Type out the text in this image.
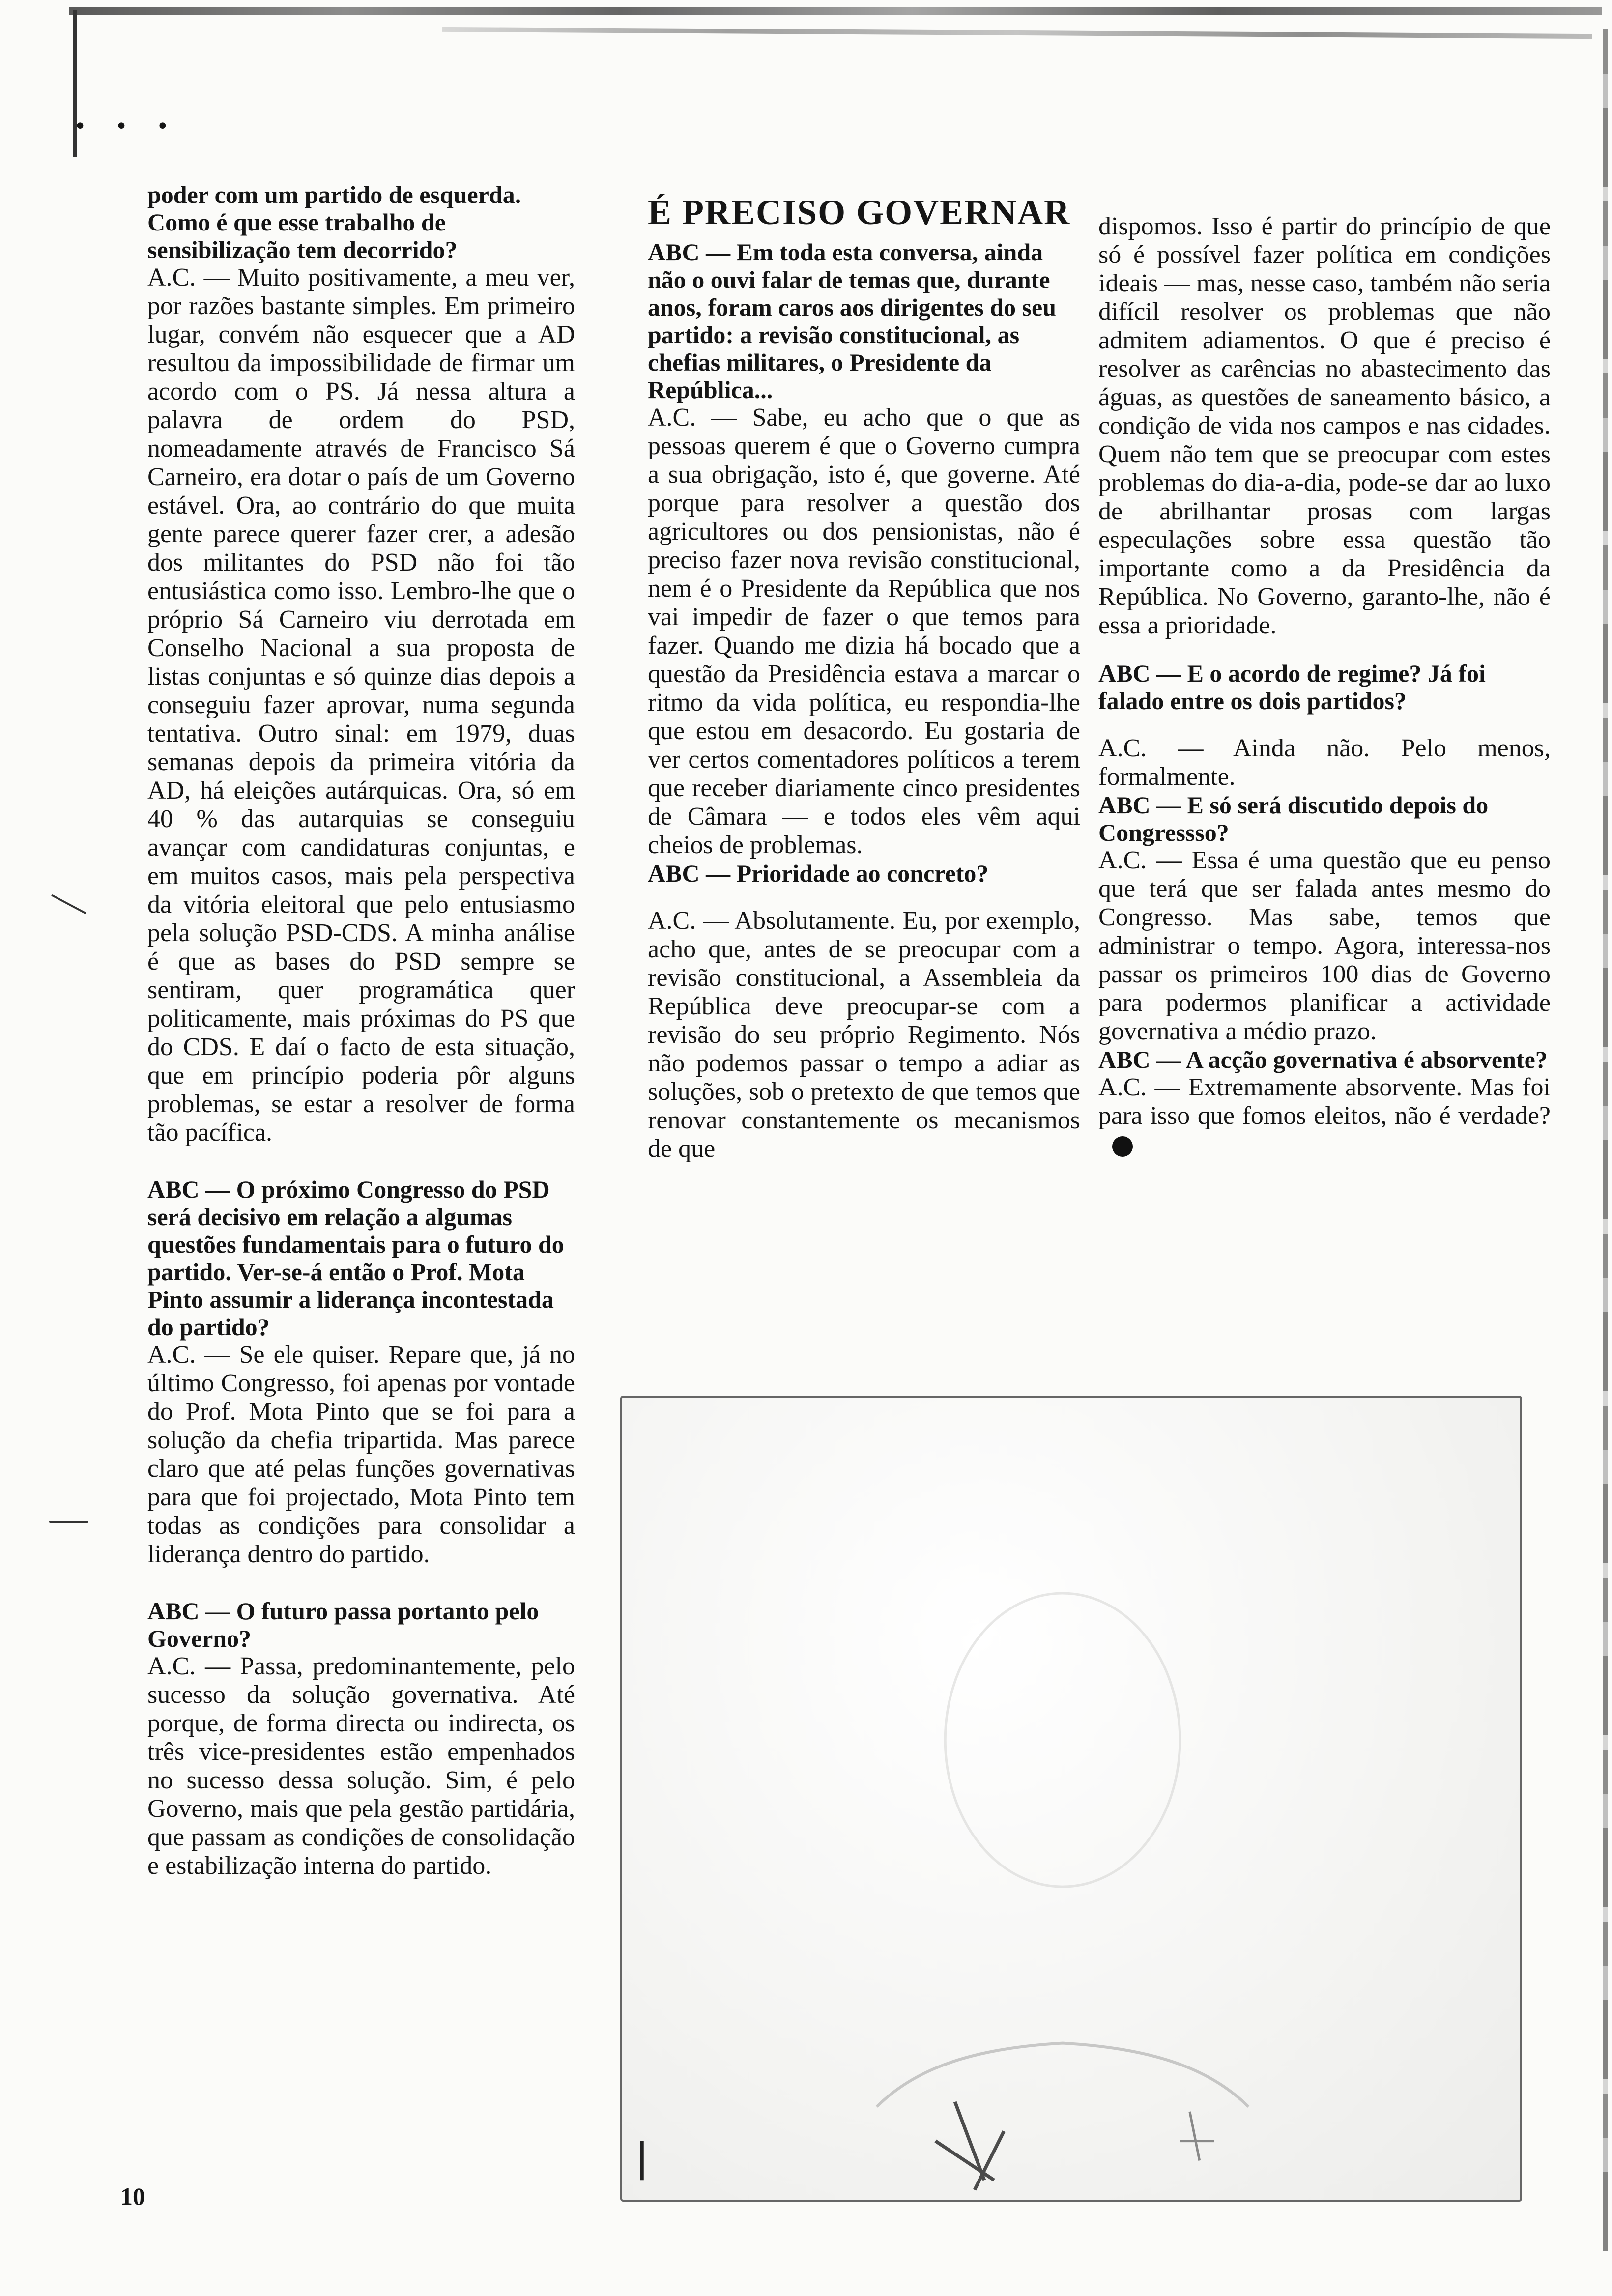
• • •

poder com um partido de esquerda. Como é que esse trabalho de sensibilização tem decorrido?

A.C. — Muito positivamente, a meu ver, por razões bastante simples. Em primeiro lugar, convém não esquecer que a AD resultou da impossibilidade de firmar um acordo com o PS. Já nessa altura a palavra de ordem do PSD, nomeadamente através de Francisco Sá Carneiro, era dotar o país de um Governo estável. Ora, ao contrário do que muita gente parece querer fazer crer, a adesão dos militantes do PSD não foi tão entusiástica como isso. Lembro-lhe que o próprio Sá Carneiro viu derrotada em Conselho Nacional a sua proposta de listas conjuntas e só quinze dias depois a conseguiu fazer aprovar, numa segunda tentativa. Outro sinal: em 1979, duas semanas depois da primeira vitória da AD, há eleições autárquicas. Ora, só em 40 % das autarquias se conseguiu avançar com candidaturas conjuntas, e em muitos casos, mais pela perspectiva da vitória eleitoral que pelo entusiasmo pela solução PSD-CDS. A minha análise é que as bases do PSD sempre se sentiram, quer programática quer politicamente, mais próximas do PS que do CDS. E daí o facto de esta situação, que em princípio poderia pôr alguns problemas, se estar a resolver de forma tão pacífica.

ABC — O próximo Congresso do PSD será decisivo em relação a algumas questões fundamentais para o futuro do partido. Ver-se-á então o Prof. Mota Pinto assumir a liderança incontestada do partido?

A.C. — Se ele quiser. Repare que, já no último Congresso, foi apenas por vontade do Prof. Mota Pinto que se foi para a solução da chefia tripartida. Mas parece claro que até pelas funções governativas para que foi projectado, Mota Pinto tem todas as condições para consolidar a liderança dentro do partido.

ABC — O futuro passa portanto pelo Governo?

A.C. — Passa, predominantemente, pelo sucesso da solução governativa. Até porque, de forma directa ou indirecta, os três vice-presidentes estão empenhados no sucesso dessa solução. Sim, é pelo Governo, mais que pela gestão partidária, que passam as condições de consolidação e estabilização interna do partido.

É PRECISO GOVERNAR

ABC — Em toda esta conversa, ainda não o ouvi falar de temas que, durante anos, foram caros aos dirigentes do seu partido: a revisão constitucional, as chefias militares, o Presidente da República...

A.C. — Sabe, eu acho que o que as pessoas querem é que o Governo cumpra a sua obrigação, isto é, que governe. Até porque para resolver a questão dos agricultores ou dos pensionistas, não é preciso fazer nova revisão constitucional, nem é o Presidente da República que nos vai impedir de fazer o que temos para fazer. Quando me dizia há bocado que a questão da Presidência estava a marcar o ritmo da vida política, eu respondia-lhe que estou em desacordo. Eu gostaria de ver certos comentadores políticos a terem que receber diariamente cinco presidentes de Câmara — e todos eles vêm aqui cheios de problemas.

ABC — Prioridade ao concreto?

A.C. — Absolutamente. Eu, por exemplo, acho que, antes de se preocupar com a revisão constitucional, a Assembleia da República deve preocupar-se com a revisão do seu próprio Regimento. Nós não podemos passar o tempo a adiar as soluções, sob o pretexto de que temos que renovar constantemente os mecanismos de que

dispomos. Isso é partir do princípio de que só é possível fazer política em condições ideais — mas, nesse caso, também não seria difícil resolver os problemas que não admitem adiamentos. O que é preciso é resolver as carências no abastecimento das águas, as questões de saneamento básico, a condição de vida nos campos e nas cidades. Quem não tem que se preocupar com estes problemas do dia-a-dia, pode-se dar ao luxo de abrilhantar prosas com largas especulações sobre essa questão tão importante como a da Presidência da República. No Governo, garanto-lhe, não é essa a prioridade.

ABC — E o acordo de regime? Já foi falado entre os dois partidos?

A.C. — Ainda não. Pelo menos, formalmente.

ABC — E só será discutido depois do Congressso?

A.C. — Essa é uma questão que eu penso que terá que ser falada antes mesmo do Congresso. Mas sabe, temos que administrar o tempo. Agora, interessa-nos passar os primeiros 100 dias de Governo para podermos planificar a actividade governativa a médio prazo.

ABC — A acção governativa é absorvente?

A.C. — Extremamente absorvente. Mas foi para isso que fomos eleitos, não é verdade?

10
